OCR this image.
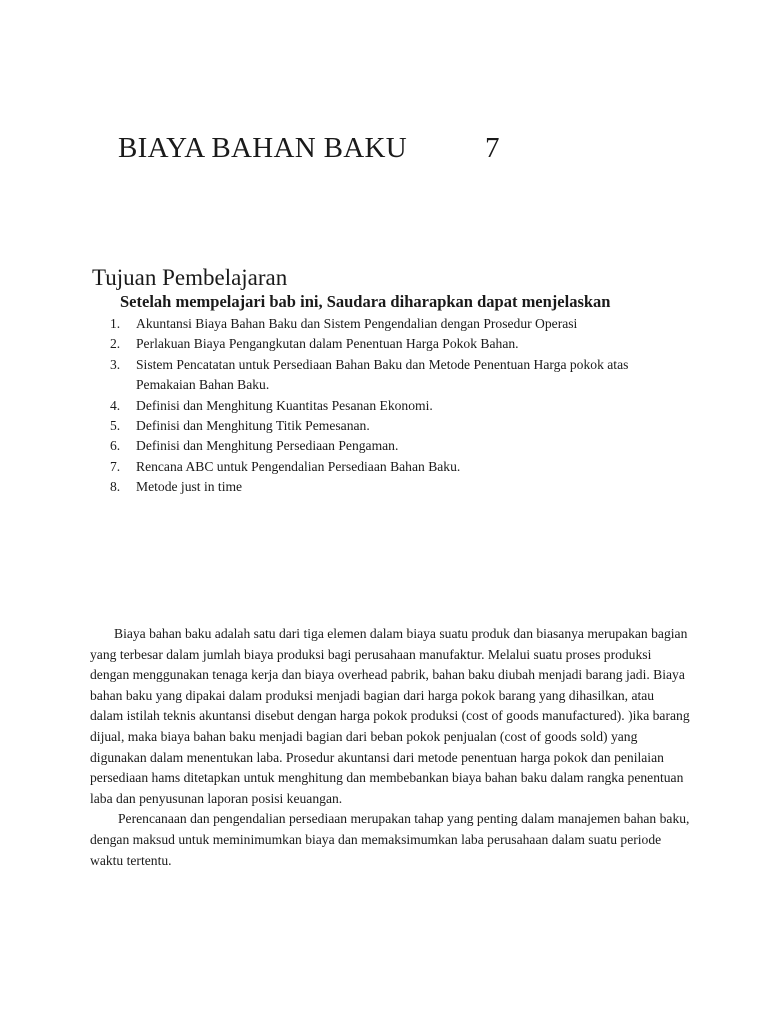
BIAYA BAHAN BAKU	7
Tujuan Pembelajaran
Setelah mempelajari bab ini, Saudara diharapkan dapat menjelaskan
1. Akuntansi Biaya Bahan Baku dan Sistem Pengendalian dengan Prosedur Operasi
2. Perlakuan Biaya Pengangkutan dalam Penentuan Harga Pokok Bahan.
3. Sistem Pencatatan untuk Persediaan Bahan Baku dan Metode Penentuan Harga pokok atas Pemakaian Bahan Baku.
4. Definisi dan Menghitung Kuantitas Pesanan Ekonomi.
5. Definisi dan Menghitung Titik Pemesanan.
6. Definisi dan Menghitung Persediaan Pengaman.
7. Rencana ABC untuk Pengendalian Persediaan Bahan Baku.
8. Metode just in time

Biaya bahan baku adalah satu dari tiga elemen dalam biaya suatu produk dan biasanya merupakan bagian yang terbesar dalam jumlah biaya produksi bagi perusahaan manufaktur. Melalui suatu proses produksi dengan menggunakan tenaga kerja dan biaya overhead pabrik, bahan baku diubah menjadi barang jadi. Biaya bahan baku yang dipakai dalam produksi menjadi bagian dari harga pokok barang yang dihasilkan, atau dalam istilah teknis akuntansi disebut dengan harga pokok produksi (cost of goods manufactured). )ika barang dijual, maka biaya bahan baku menjadi bagian dari beban pokok penjualan (cost of goods sold) yang digunakan dalam menentukan laba. Prosedur akuntansi dari metode penentuan harga pokok dan penilaian persediaan hams ditetapkan untuk menghitung dan membebankan biaya bahan baku dalam rangka penentuan laba dan penyusunan laporan posisi keuangan.

Perencanaan dan pengendalian persediaan merupakan tahap yang penting dalam manajemen bahan baku, dengan maksud untuk meminimumkan biaya dan memaksimumkan laba perusahaan dalam suatu periode waktu tertentu.
